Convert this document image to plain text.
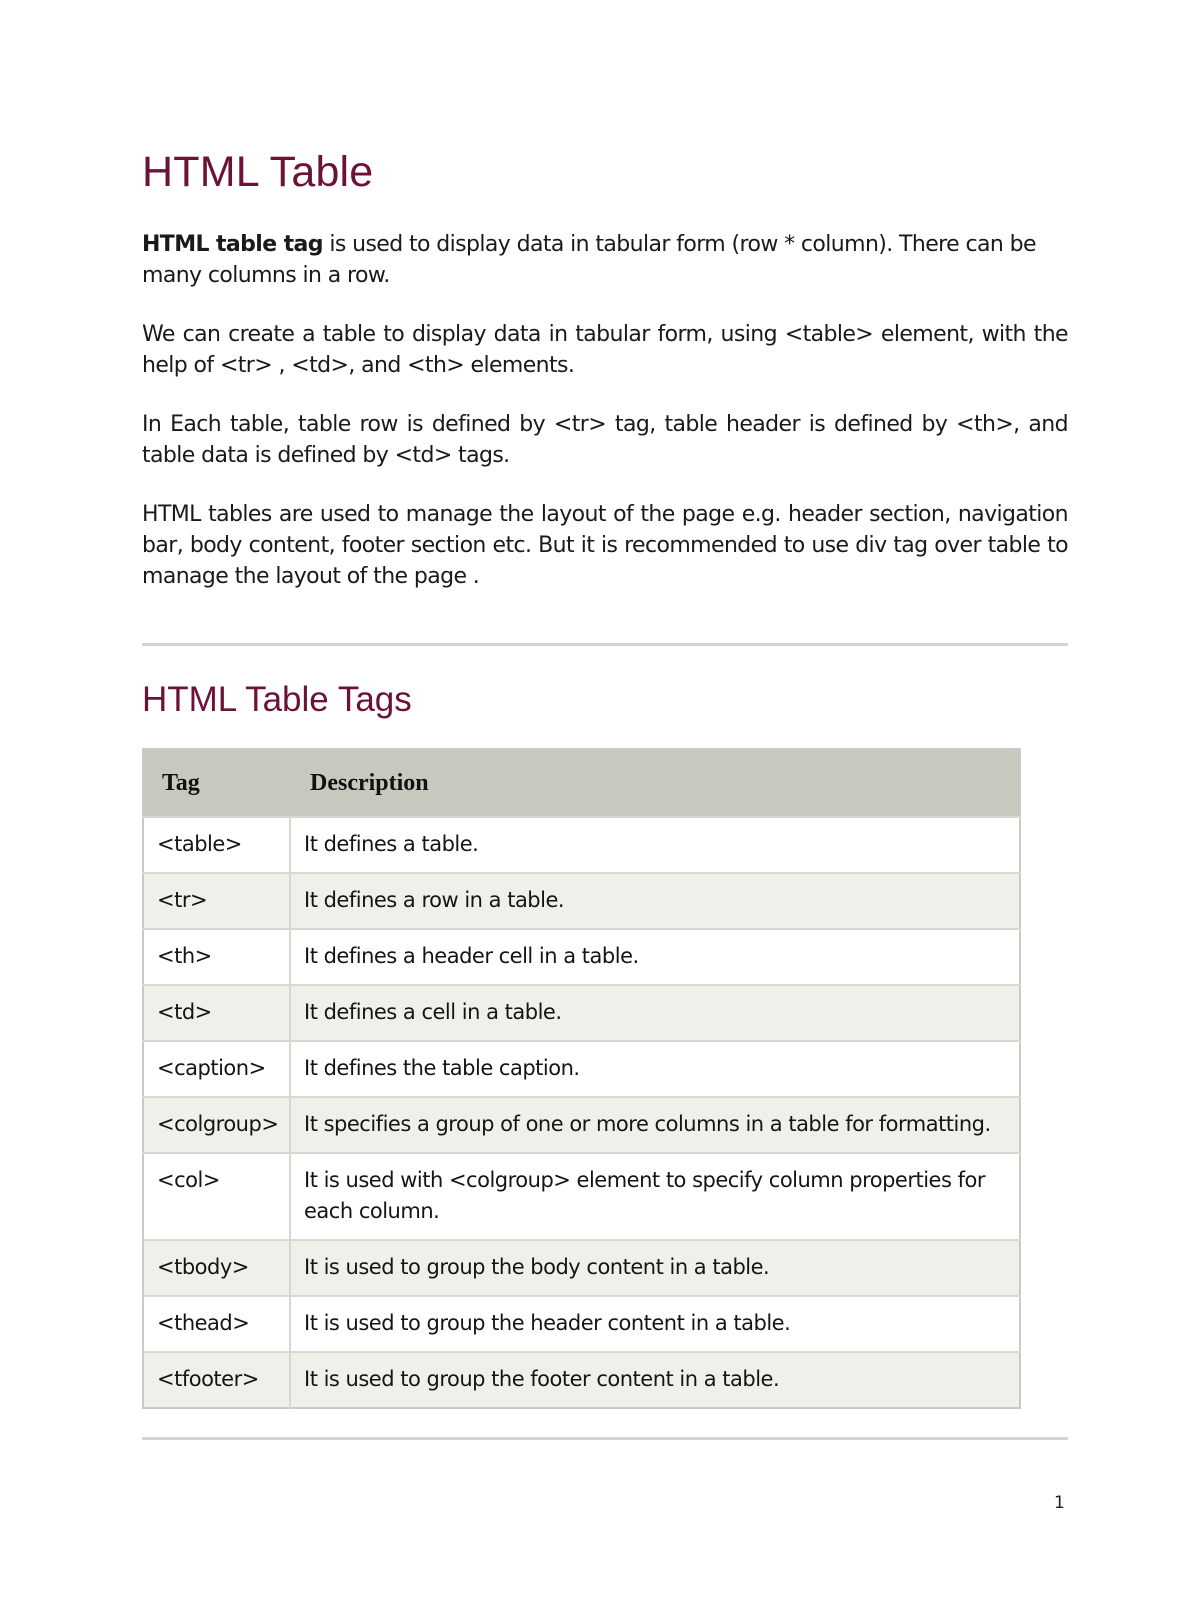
HTML Table

HTML table tag is used to display data in tabular form (row * column). There can be many columns in a row.

We can create a table to display data in tabular form, using <table> element, with the help of <tr> , <td>, and <th> elements.

In Each table, table row is defined by <tr> tag, table header is defined by <th>, and table data is defined by <td> tags.

HTML tables are used to manage the layout of the page e.g. header section, navigation bar, body content, footer section etc. But it is recommended to use div tag over table to manage the layout of the page .

HTML Table Tags
Tag	Description
<table>	It defines a table.
<tr>	It defines a row in a table.
<th>	It defines a header cell in a table.
<td>	It defines a cell in a table.
<caption>	It defines the table caption.
<colgroup>	It specifies a group of one or more columns in a table for formatting.
<col>	It is used with <colgroup> element to specify column properties for each column.
<tbody>	It is used to group the body content in a table.
<thead>	It is used to group the header content in a table.
<tfooter>	It is used to group the footer content in a table.
1
